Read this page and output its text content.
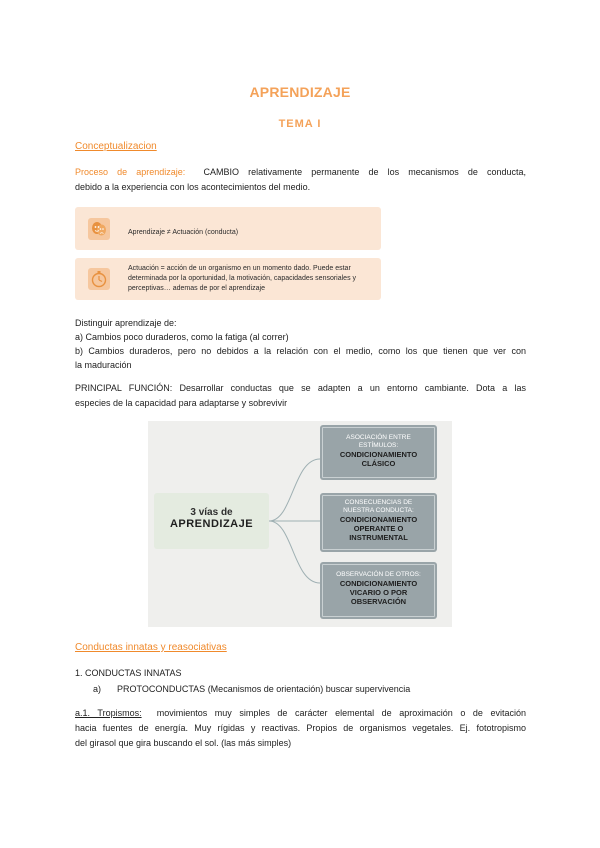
APRENDIZAJE
TEMA I
Conceptualizacion
Proceso de aprendizaje: CAMBIO relativamente permanente de los mecanismos de conducta,
debido a la experiencia con los acontecimientos del medio.
Aprendizaje ≠ Actuación (conducta)
Actuación = acción de un organismo en un momento dado. Puede estar determinada por la oportunidad, la motivación, capacidades sensoriales y perceptivas… ademas de por el aprendizaje
Distinguir aprendizaje de:
a) Cambios poco duraderos, como la fatiga (al correr)
b) Cambios duraderos, pero no debidos a la relación con el medio, como los que tienen que ver con
la maduración
PRINCIPAL FUNCIÓN: Desarrollar conductas que se adapten a un entorno cambiante. Dota a las
especies de la capacidad para adaptarse y sobrevivir
3 vías de
APRENDIZAJE
ASOCIACIÓN ENTRE
ESTÍMULOS:
CONDICIONAMIENTO
CLÁSICO
CONSECUENCIAS DE
NUESTRA CONDUCTA:
CONDICIONAMIENTO
OPERANTE O
INSTRUMENTAL
OBSERVACIÓN DE OTROS:
CONDICIONAMIENTO
VICARIO O POR
OBSERVACIÓN
Conductas innatas y reasociativas
1. CONDUCTAS INNATAS
a) PROTOCONDUCTAS (Mecanismos de orientación) buscar supervivencia
a.1. Tropismos: movimientos muy simples de carácter elemental de aproximación o de evitación
hacia fuentes de energía. Muy rígidas y reactivas. Propios de organismos vegetales. Ej. fototropismo
del girasol que gira buscando el sol. (las más simples)
